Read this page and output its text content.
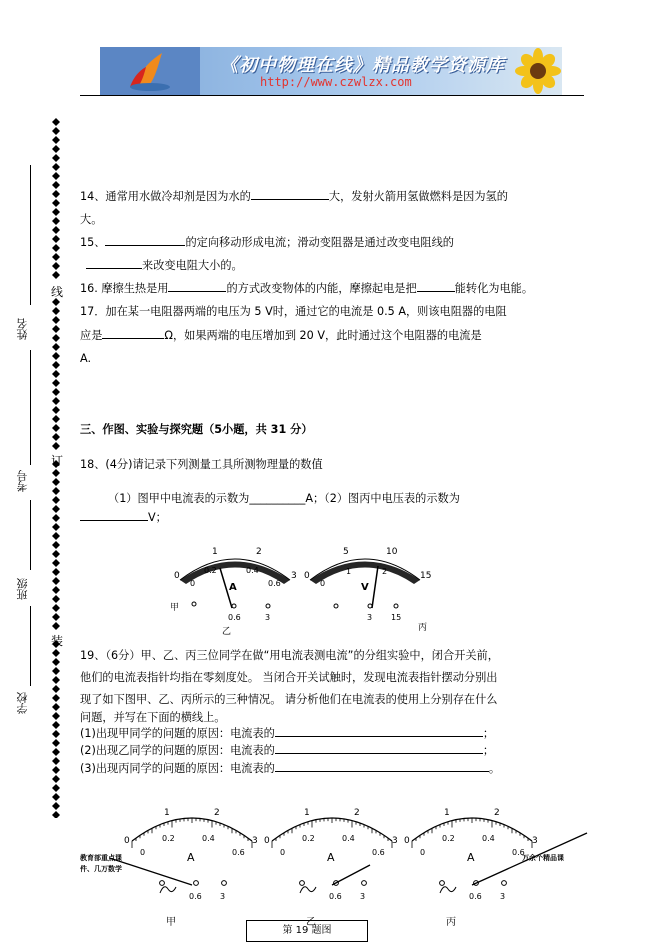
《初中物理在线》精品教学资源库
http://www.czwlzx.com
姓名
考号
班级
学校
线
订
装
14、通常用水做冷却剂是因为水的	大，发射火箭用氢做燃料是因为氢的
大。
15、	的定向移动形成电流；滑动变阻器是通过改变电阻线的
来改变电阻大小的。
16. 摩擦生热是用	的方式改变物体的内能，摩擦起电是把	能转化为电能。
17．加在某一电阻器两端的电压为 5 V时，通过它的电流是 0.5 A，则该电阻器的电阻
应是	Ω，如果两端的电压增加到 20 V，此时通过这个电阻器的电流是
A.
三、作图、实验与探究题（5小题，共 31 分）
18、(4分)请记录下列测量工具所测物理量的数值
（1）图甲中电流表的示数为__________A；（2）图丙中电压表的示数为
V；
1	2
0	3
0
0.2	0.4
0.6
A
甲
0.6	3
乙
5	10
0	15
0
1	2
V
3 15
丙
19、（6分）甲、乙、丙三位同学在做“用电流表测电流”的分组实验中，闭合开关前，
他们的电流表指针均指在零刻度处。 当闭合开关试触时，发现电流表指针摆动分别出
现了如下图甲、乙、丙所示的三种情况。 请分析他们在电流表的使用上分别存在什么
问题，并写在下面的横线上。
(1)出现甲同学的问题的原因：电流表的	；
(2)出现乙同学的问题的原因：电流表的	；
(3)出现丙同学的问题的原因：电流表的	。
1	2
0	3
0
0.2	0.4
0.6
A
0.6 3
甲
1	2
0	3
0
0.2	0.4
0.6
A
0.6 3
乙
1	2
0	3
0
0.2	0.4
0.6
A
0.6 3
丙
教育部重点课件、几万数学
万余个精品课
第 19 题图
